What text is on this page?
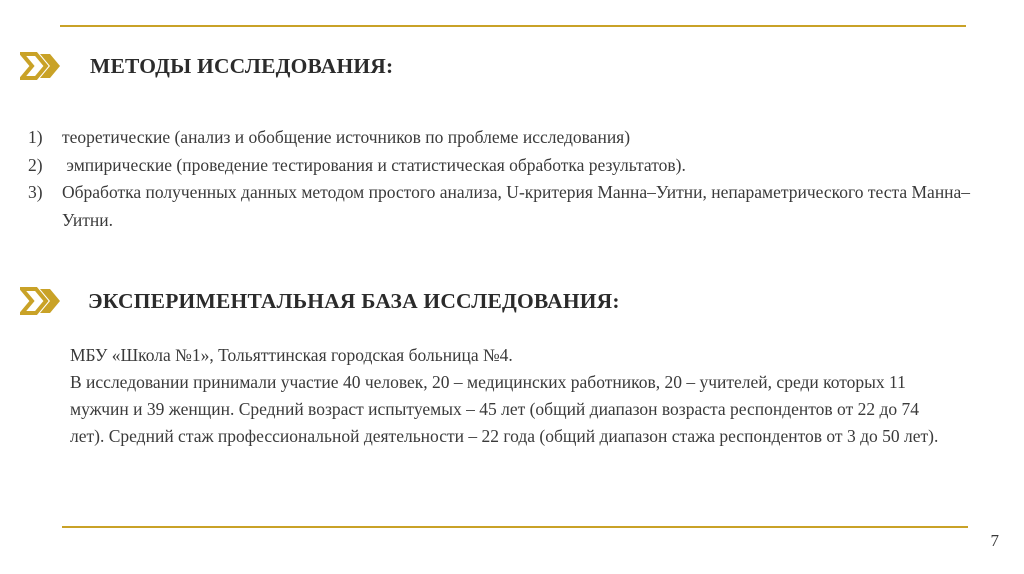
МЕТОДЫ ИССЛЕДОВАНИЯ:
1) теоретические (анализ и обобщение источников по проблеме исследования)
2) эмпирические (проведение тестирования и статистическая обработка результатов).
3) Обработка полученных данных методом простого анализа, U-критерия Манна–Уитни, непараметрического теста Манна–Уитни.
ЭКСПЕРИМЕНТАЛЬНАЯ БАЗА ИССЛЕДОВАНИЯ:

МБУ «Школа №1», Тольяттинская городская больница №4.

В исследовании принимали участие 40 человек, 20 – медицинских работников, 20 – учителей, среди которых 11 мужчин и 39 женщин. Средний возраст испытуемых – 45 лет (общий диапазон возраста респондентов от 22 до 74 лет). Средний стаж профессиональной деятельности – 22 года (общий диапазон стажа респондентов от 3 до 50 лет).

7
